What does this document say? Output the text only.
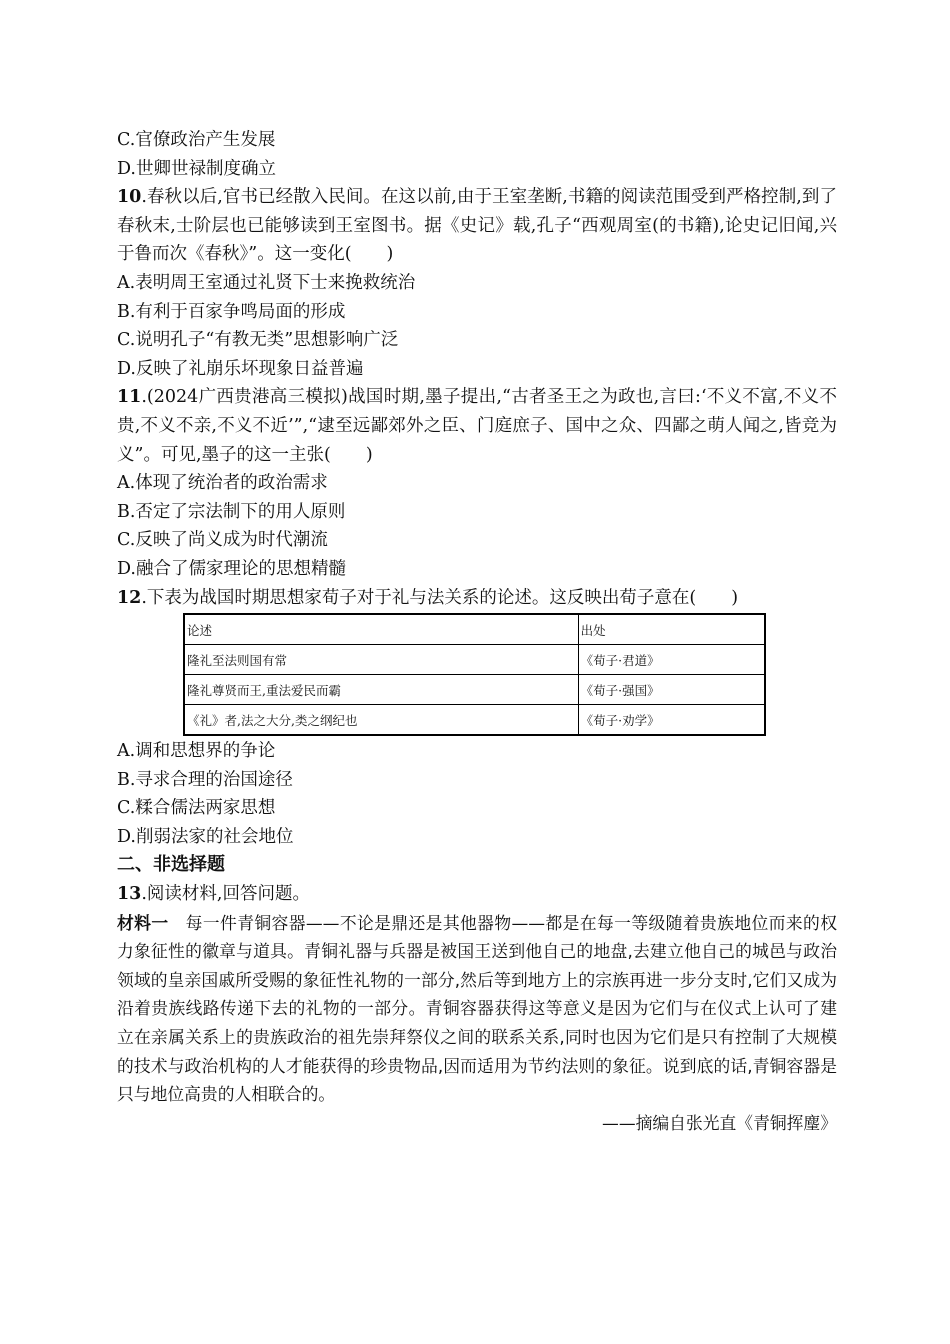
C.官僚政治产生发展
D.世卿世禄制度确立
10.春秋以后,官书已经散入民间。在这以前,由于王室垄断,书籍的阅读范围受到严格控制,到了春秋末,士阶层也已能够读到王室图书。据《史记》载,孔子“西观周室(的书籍),论史记旧闻,兴于鲁而次《春秋》”。这一变化(　　)
A.表明周王室通过礼贤下士来挽救统治
B.有利于百家争鸣局面的形成
C.说明孔子“有教无类”思想影响广泛
D.反映了礼崩乐坏现象日益普遍
11.(2024广西贵港高三模拟)战国时期,墨子提出,“古者圣王之为政也,言曰:‘不义不富,不义不贵,不义不亲,不义不近’”,“逮至远鄙郊外之臣、门庭庶子、国中之众、四鄙之萌人闻之,皆竞为义”。可见,墨子的这一主张(　　)
A.体现了统治者的政治需求
B.否定了宗法制下的用人原则
C.反映了尚义成为时代潮流
D.融合了儒家理论的思想精髓
12.下表为战国时期思想家荀子对于礼与法关系的论述。这反映出荀子意在(　　)
论述	出处
隆礼至法则国有常	《荀子·君道》
隆礼尊贤而王,重法爱民而霸	《荀子·强国》
《礼》者,法之大分,类之纲纪也	《荀子·劝学》
A.调和思想界的争论
B.寻求合理的治国途径
C.糅合儒法两家思想
D.削弱法家的社会地位
二、非选择题
13.阅读材料,回答问题。
材料一　每一件青铜容器——不论是鼎还是其他器物——都是在每一等级随着贵族地位而来的权力象征性的徽章与道具。青铜礼器与兵器是被国王送到他自己的地盘,去建立他自己的城邑与政治领域的皇亲国戚所受赐的象征性礼物的一部分,然后等到地方上的宗族再进一步分支时,它们又成为沿着贵族线路传递下去的礼物的一部分。青铜容器获得这等意义是因为它们与在仪式上认可了建立在亲属关系上的贵族政治的祖先崇拜祭仪之间的联系关系,同时也因为它们是只有控制了大规模的技术与政治机构的人才能获得的珍贵物品,因而适用为节约法则的象征。说到底的话,青铜容器是只与地位高贵的人相联合的。
——摘编自张光直《青铜挥麈》
